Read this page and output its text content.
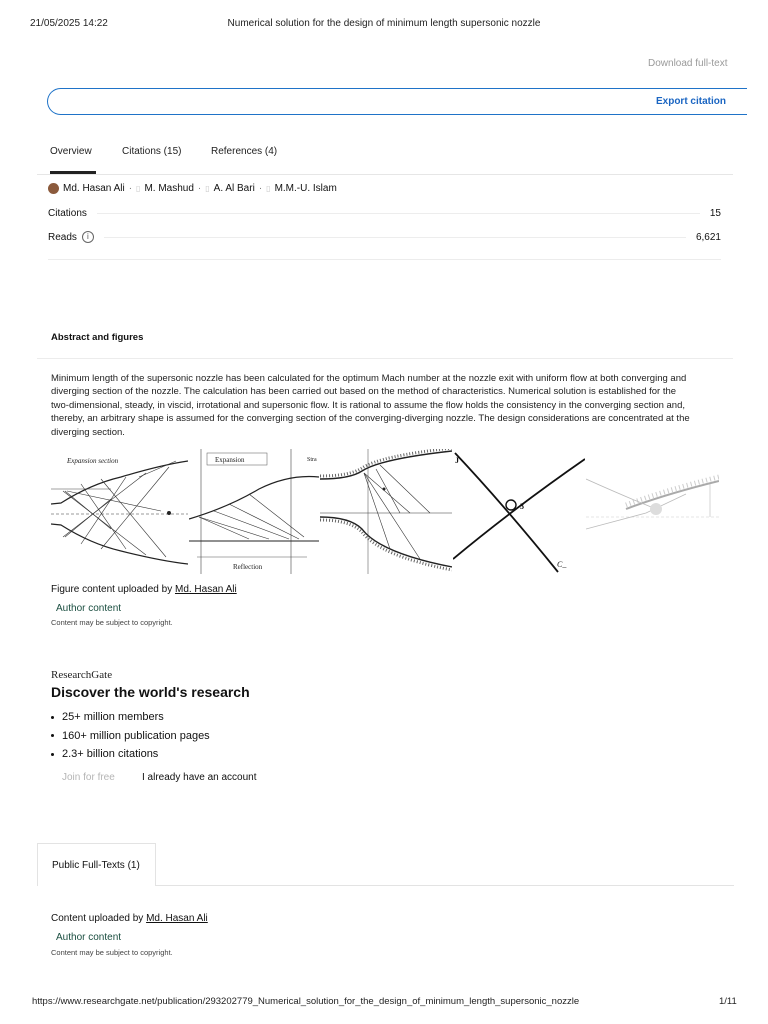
21/05/2025 14:22	Numerical solution for the design of minimum length supersonic nozzle
Download full-text
Export citation
Overview	Citations (15)	References (4)
Md. Hasan Ali · ▯ M. Mashud · ▯ A. Al Bari · ▯ M.M.-U. Islam
Citations	15
Reads	i	6,621
Abstract and figures
Minimum length of the supersonic nozzle has been calculated for the optimum Mach number at the nozzle exit with uniform flow at both converging and diverging section of the nozzle. The calculation has been carried out based on the method of characteristics. Numerical solution is established for the two-dimensional, steady, in viscid, irrotational and supersonic flow. It is rational to assume the flow holds the consistency in the converging section and, thereby, an arbitrary shape is assumed for the converging section of the converging-diverging nozzle. The design considerations are concentrated at the diverging section.
Expansion section	Expansion	Stra
Reflection
J
3
C_
Figure content uploaded by Md. Hasan Ali
Author content
Content may be subject to copyright.
ResearchGate
Discover the world's research
25+ million members
160+ million publication pages
2.3+ billion citations
Join for free	I already have an account
Public Full-Texts (1)
Content uploaded by Md. Hasan Ali
Author content
Content may be subject to copyright.
https://www.researchgate.net/publication/293202779_Numerical_solution_for_the_design_of_minimum_length_supersonic_nozzle	1/11
